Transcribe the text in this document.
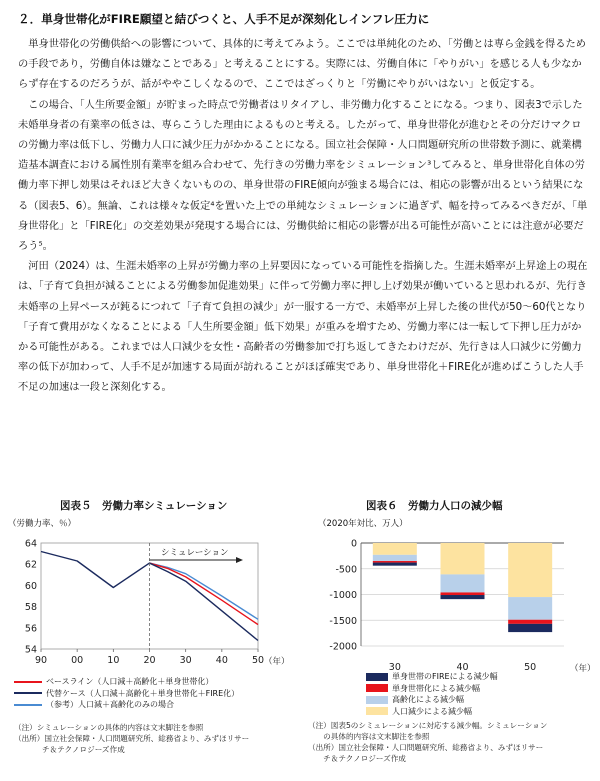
２．単身世帯化がFIRE願望と結びつくと、人手不足が深刻化しインフレ圧力に

単身世帯化の労働供給への影響について、具体的に考えてみよう。ここでは単純化のため、「労働とは専ら金銭を得るための手段であり，労働自体は嫌なことである」と考えることにする。実際には、労働自体に「やりがい」を感じる人も少なからず存在するのだろうが、話がややこしくなるので、ここではざっくりと「労働にやりがいはない」と仮定する。

この場合、「人生所要金額」が貯まった時点で労働者はリタイアし、非労働力化することになる。つまり、図表3で示した未婚単身者の有業率の低さは、専らこうした理由によるものと考える。したがって、単身世帯化が進むとその分だけマクロの労働力率は低下し、労働力人口に減少圧力がかかることになる。国立社会保障・人口問題研究所の世帯数予測に、就業構造基本調査における属性別有業率を組み合わせて、先行きの労働力率をシミュレーション³してみると、単身世帯化自体の労働力率下押し効果はそれほど大きくないものの、単身世帯のFIRE傾向が強まる場合には、相応の影響が出るという結果になる（図表5、6）。無論、これは様々な仮定⁴を置いた上での単純なシミュレーションに過ぎず、幅を持ってみるべきだが、「単身世帯化」と「FIRE化」の交差効果が発現する場合には、労働供給に相応の影響が出る可能性が高いことには注意が必要だろう⁵。

河田（2024）は、生涯未婚率の上昇が労働力率の上昇要因になっている可能性を指摘した。生涯未婚率が上昇途上の現在は、「子育て負担が減ることによる労働参加促進効果」に伴って労働力率に押し上げ効果が働いていると思われるが、先行き未婚率の上昇ペースが鈍るにつれて「子育て負担の減少」が一服する一方で、未婚率が上昇した後の世代が50〜60代となり「子育て費用がなくなることによる「人生所要金額」低下効果」が重みを増すため、労働力率には一転して下押し圧力がかかる可能性がある。これまでは人口減少を女性・高齢者の労働参加で打ち返してきたわけだが、先行きは人口減少に労働力率の低下が加わって、人手不足が加速する局面が訪れることがほぼ確実であり、単身世帯化＋FIRE化が進めばこうした人手不足の加速は一段と深刻化する。

図表５　労働力率シミュレーション
（労働力率、％）
54
56
58
60
62
64
90	00	10	20	30	40	50 （年）
シミュレーション
ベースライン（人口減＋高齢化＋単身世帯化）
代替ケース（人口減＋高齢化＋単身世帯化＋FIRE化）
（参考）人口減＋高齢化のみの場合
（注）シミュレーションの具体的内容は文末脚注を参照
（出所）国立社会保障・人口問題研究所、総務省より、みずほリサー
チ＆テクノロジーズ作成
図表６　労働力人口の減少幅
（2020年対比、万人）
0
-500
-1000
-1500
-2000
30	40	50	（年）
単身世帯のFIREによる減少幅
単身世帯化による減少幅
高齢化による減少幅
人口減少による減少幅
（注）図表5のシミュレーションに対応する減少幅。シミュレーション
　　の具体的内容は文末脚注を参照
（出所）国立社会保障・人口問題研究所、総務省より、みずほリサー
　　チ＆テクノロジーズ作成
